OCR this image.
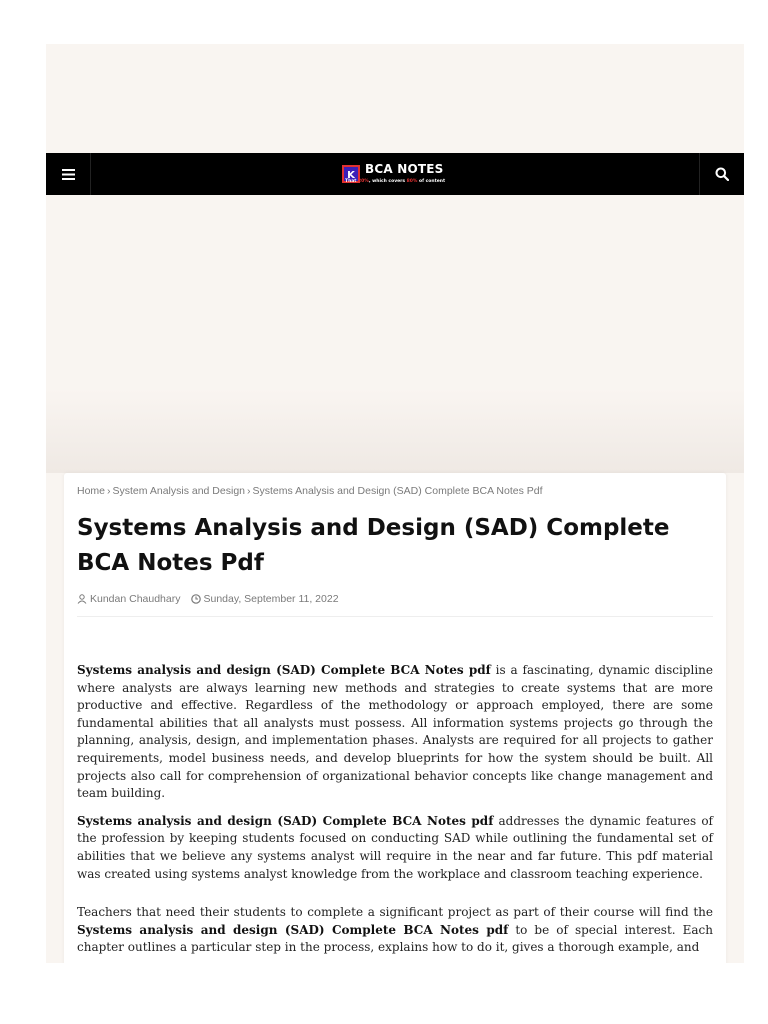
K BCA NOTES
That 20%, which covers 80% of content
Home › System Analysis and Design › Systems Analysis and Design (SAD) Complete BCA Notes Pdf
Systems Analysis and Design (SAD) Complete BCA Notes Pdf
Kundan Chaudhary Sunday, September 11, 2022

Systems analysis and design (SAD) Complete BCA Notes pdf is a fascinating, dynamic discipline where analysts are always learning new methods and strategies to create systems that are more productive and effective. Regardless of the methodology or approach employed, there are some fundamental abilities that all analysts must possess. All information systems projects go through the planning, analysis, design, and implementation phases. Analysts are required for all projects to gather requirements, model business needs, and develop blueprints for how the system should be built. All projects also call for comprehension of organizational behavior concepts like change management and team building.

Systems analysis and design (SAD) Complete BCA Notes pdf addresses the dynamic features of the profession by keeping students focused on conducting SAD while outlining the fundamental set of abilities that we believe any systems analyst will require in the near and far future. This pdf material was created using systems analyst knowledge from the workplace and classroom teaching experience.

Teachers that need their students to complete a significant project as part of their course will find the Systems analysis and design (SAD) Complete BCA Notes pdf to be of special interest. Each chapter outlines a particular step in the process, explains how to do it, gives a thorough example, and
